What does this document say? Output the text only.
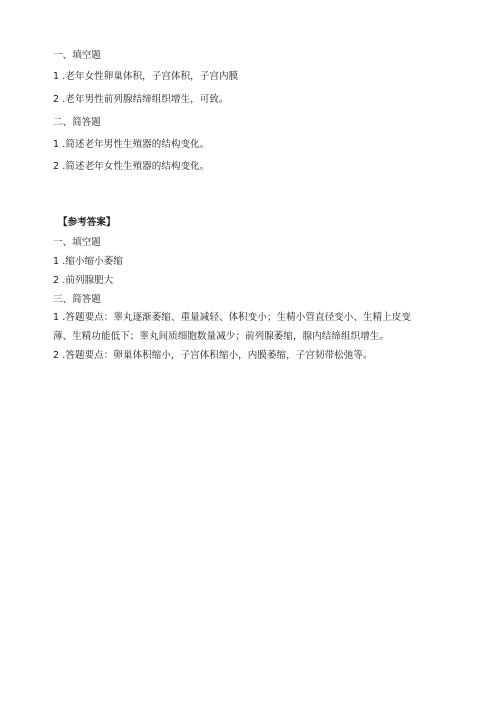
一、填空题
1 .老年女性卵巢体积，子宫体积，子宫内膜
2 .老年男性前列腺结缔组织增生，可致。
二、简答题
1 .简述老年男性生殖器的结构变化。
2 .简述老年女性生殖器的结构变化。
【参考答案】
一、填空题
1 .缩小缩小萎缩
2 .前列腺肥大
三、简答题
1 .答题要点：睾丸逐渐萎缩、重量减轻、体积变小；生精小管直径变小、生精上皮变
薄、生精功能低下；睾丸间质细胞数量减少；前列腺萎缩，腺内结缔组织增生。
2 .答题要点：卵巢体积缩小，子宫体积缩小，内膜萎缩，子宫韧带松弛等。
